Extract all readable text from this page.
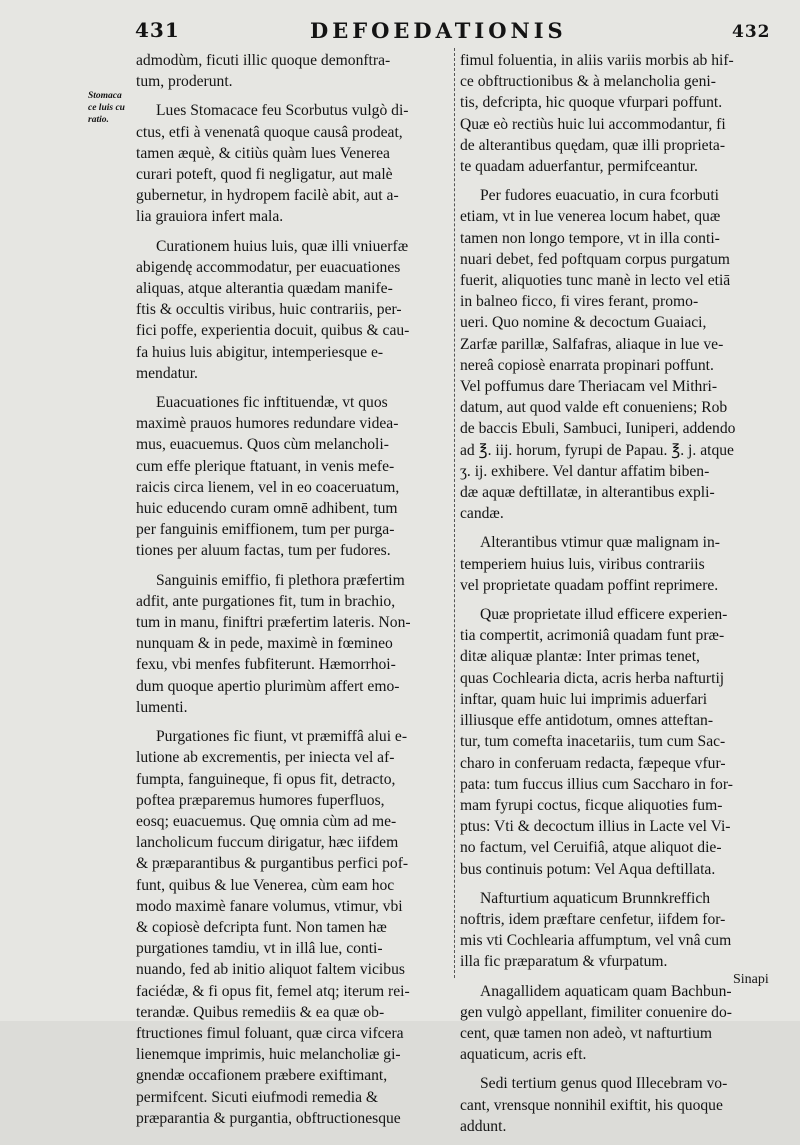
431	DEFOEDATIONIS	432
Stomaca
ce luis cu
ratio.

admodùm, ficuti illic quoque demonftra-
tum, proderunt.

Lues Stomacace feu Scorbutus vulgò di-
ctus, etfi à venenatâ quoque causâ prodeat,
tamen æquè, & citiùs quàm lues Venerea
curari poteft, quod fi negligatur, aut malè
gubernetur, in hydropem facilè abit, aut a-
lia grauiora infert mala.

Curationem huius luis, quæ illi vniuerfæ
abigendę accommodatur, per euacuationes
aliquas, atque alterantia quædam manife-
ftis & occultis viribus, huic contrariis, per-
fici poffe, experientia docuit, quibus & cau-
fa huius luis abigitur, intemperiesque e-
mendatur.

Euacuationes fic inftituendæ, vt quos
maximè prauos humores redundare videa-
mus, euacuemus. Quos cùm melancholi-
cum effe plerique ftatuant, in venis mefe-
raicis circa lienem, vel in eo coaceruatum,
huic educendo curam omnē adhibent, tum
per fanguinis emiffionem, tum per purga-
tiones per aluum factas, tum per fudores.

Sanguinis emiffio, fi plethora præfertim
adfit, ante purgationes fit, tum in brachio,
tum in manu, finiftri præfertim lateris. Non-
nunquam & in pede, maximè in fœmineo
fexu, vbi menfes fubfiterunt. Hæmorrhoi-
dum quoque apertio plurimùm affert emo-
lumenti.

Purgationes fic fiunt, vt præmiffâ alui e-
lutione ab excrementis, per iniecta vel af-
fumpta, fanguineque, fi opus fit, detracto,
poftea præparemus humores fuperfluos,
eosq; euacuemus. Quę omnia cùm ad me-
lancholicum fuccum dirigatur, hæc iifdem
& præparantibus & purgantibus perfici pof-
funt, quibus & lue Venerea, cùm eam hoc
modo maximè fanare volumus, vtimur, vbi
& copiosè defcripta funt. Non tamen hæ
purgationes tamdiu, vt in illâ lue, conti-
nuando, fed ab initio aliquot faltem vicibus
faciédæ, & fi opus fit, femel atq; iterum rei-
terandæ. Quibus remediis & ea quæ ob-
ftructiones fimul foluant, quæ circa vifcera
lienemque imprimis, huic melancholiæ gi-
gnendæ occafionem præbere exiftimant,
permifcent. Sicuti eiufmodi remedia &
præparantia & purgantia, obftructionesque

fimul foluentia, in aliis variis morbis ab hif-
ce obftructionibus & à melancholia geni-
tis, defcripta, hic quoque vfurpari poffunt.
Quæ eò rectiùs huic lui accommodantur, fi
de alterantibus quędam, quæ illi proprieta-
te quadam aduerfantur, permifceantur.

Per fudores euacuatio, in cura fcorbuti
etiam, vt in lue venerea locum habet, quæ
tamen non longo tempore, vt in illa conti-
nuari debet, fed poftquam corpus purgatum
fuerit, aliquoties tunc manè in lecto vel etiā
in balneo ficco, fi vires ferant, promo-
ueri. Quo nomine & decoctum Guaiaci,
Zarfæ parillæ, Salfafras, aliaque in lue ve-
nereâ copiosè enarrata propinari poffunt.
Vel poffumus dare Theriacam vel Mithri-
datum, aut quod valde eft conueniens; Rob
de baccis Ebuli, Sambuci, Iuniperi, addendo
ad ℥. iij. horum, fyrupi de Papau. ℥. j. atque
ʒ. ij. exhibere. Vel dantur affatim biben-
dæ aquæ deftillatæ, in alterantibus expli-
candæ.

Alterantibus vtimur quæ malignam in-
temperiem huius luis, viribus contrariis
vel proprietate quadam poffint reprimere.

Quæ proprietate illud efficere experien-
tia compertit, acrimoniâ quadam funt præ-
ditæ aliquæ plantæ: Inter primas tenet,
quas Cochlearia dicta, acris herba nafturtij
inftar, quam huic lui imprimis aduerfari
illiusque effe antidotum, omnes atteftan-
tur, tum comefta inacetariis, tum cum Sac-
charo in conferuam redacta, fæpeque vfur-
pata: tum fuccus illius cum Saccharo in for-
mam fyrupi coctus, ficque aliquoties fum-
ptus: Vti & decoctum illius in Lacte vel Vi-
no factum, vel Ceruifiâ, atque aliquot die-
bus continuis potum: Vel Aqua deftillata.

Nafturtium aquaticum Brunnkreffich
noftris, idem præftare cenfetur, iifdem for-
mis vti Cochlearia affumptum, vel vnâ cum
illa fic præparatum & vfurpatum.

Anagallidem aquaticam quam Bachbun-
gen vulgò appellant, fimiliter conuenire do-
cent, quæ tamen non adeò, vt nafturtium
aquaticum, acris eft.

Sedi tertium genus quod Illecebram vo-
cant, vrensque nonnihil exiftit, his quoque
addunt.

Sinapi
